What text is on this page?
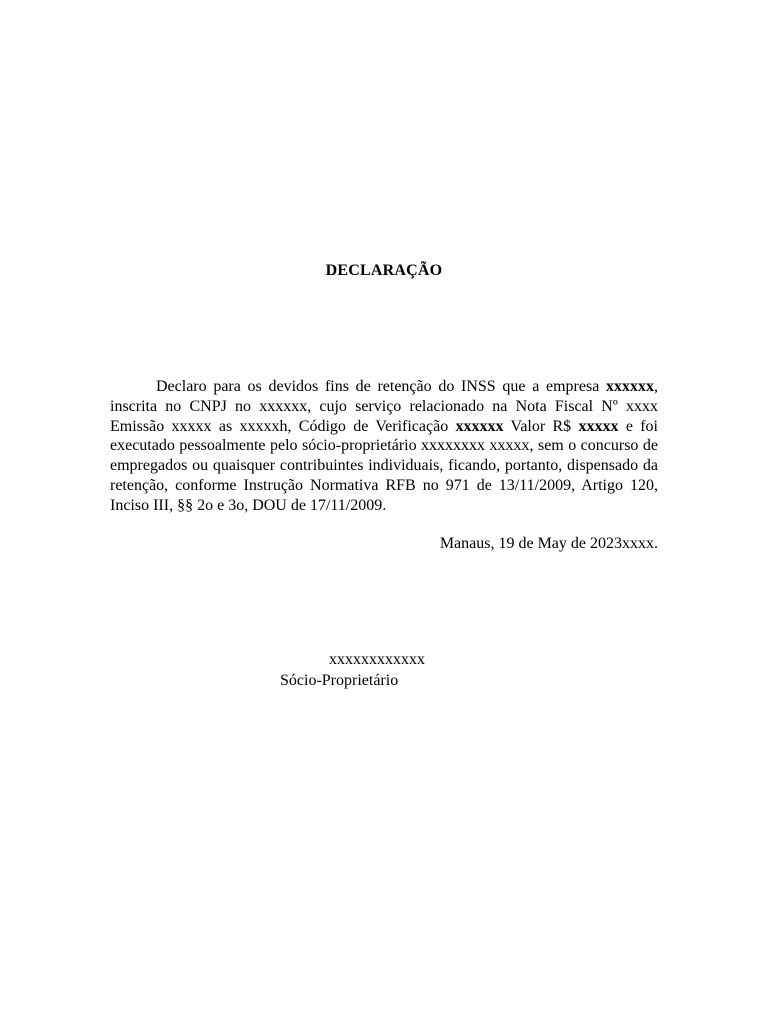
DECLARAÇÃO

Declaro para os devidos fins de retenção do INSS que a empresa xxxxxx, inscrita no CNPJ no xxxxxx, cujo serviço relacionado na Nota Fiscal Nº xxxx Emissão xxxxx as xxxxxh, Código de Verificação xxxxxx Valor R$ xxxxx e foi executado pessoalmente pelo sócio-proprietário xxxxxxxx xxxxx, sem o concurso de empregados ou quaisquer contribuintes individuais, ficando, portanto, dispensado da retenção, conforme Instrução Normativa RFB no 971 de 13/11/2009, Artigo 120, Inciso III, §§ 2o e 3o, DOU de 17/11/2009.

Manaus, 19 de May de 2023xxxx.
xxxxxxxxxxxx
Sócio-Proprietário
